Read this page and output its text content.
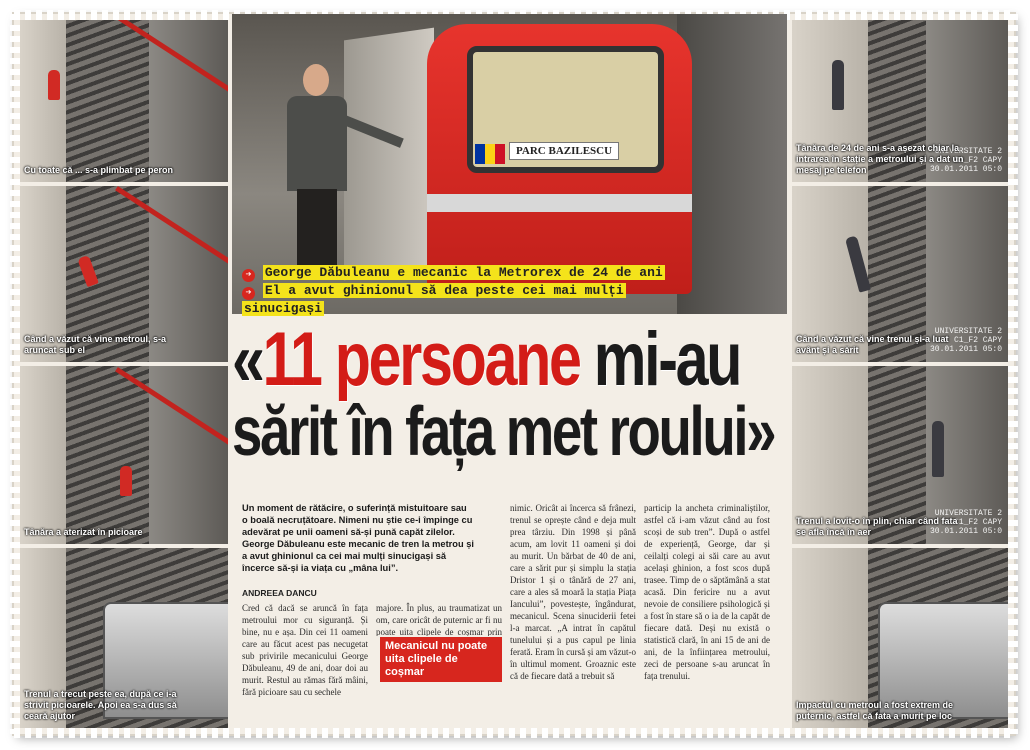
Cu toate că ... s-a plimbat pe peron
Când a văzut că vine metroul, s-a aruncat sub el
Tânăra a aterizat în picioare
Trenul a trecut peste ea, după ce i-a strivit picioarele. Apoi ea s-a dus să ceară ajutor
PARC BAZILESCU
➔ George Dăbuleanu e mecanic la Metrorex de 24 de ani ➔ El a avut ghinionul să dea peste cei mai mulți sinucigași
«11 persoane mi-au
sărit în fața met roului»
Un moment de rătăcire, o suferință mistuitoare sau o boală necruțătoare. Nimeni nu știe ce-i împinge cu adevărat pe unii oameni să-și pună capăt zilelor. George Dăbuleanu este mecanic de tren la metrou și a avut ghinionul ca cei mai mulți sinucigași să încerce să-și ia viața cu „mâna lui”.
ANDREEA DANCU
Cred că dacă se aruncă în fața metroului mor cu siguranță. Și bine, nu e așa. Din cei 11 oameni care au făcut acest pas necugetat sub privirile mecanicului George Dăbuleanu, 49 de ani, doar doi au murit. Restul au rămas fără mâini, fără picioare sau cu sechele
majore. În plus, au traumatizat un om, care oricât de puternic ar fi nu poate uita clipele de coșmar prin
Mecanicul nu poate uita clipele de coșmar
nimic. Oricât ai încerca să frânezi, trenul se oprește când e deja mult prea târziu. Din 1998 și până acum, am lovit 11 oameni și doi au murit. Un bărbat de 40 de ani, care a sărit pur și simplu la stația Dristor 1 și o tânără de 27 ani, care a ales să moară la stația Piața Iancului”, povestește, îngândurat, mecanicul. Scena sinuciderii fetei l-a marcat. „A intrat în capătul tunelului și a pus capul pe linia ferată. Eram în cursă și am văzut-o în ultimul moment. Groaznic este că de fiecare dată a trebuit să
particip la ancheta criminaliștilor, astfel că i-am văzut când au fost scoși de sub tren”. După o astfel de experiență, George, dar și ceilalți colegi ai săi care au avut același ghinion, a fost scos după trasee. Timp de o săptămână a stat acasă. Din fericire nu a avut nevoie de consiliere psihologică și a fost în stare să o ia de la capăt de fiecare dată. Deși nu există o statistică clară, în ani 15 de ani de ani, de la înființarea metroului, zeci de persoane s-au aruncat în fața trenului.
UNIVERSITATE 2
C1_F2 CAPY
30.01.2011 05:0
Tânăra de 24 de ani s-a așezat chiar la intrarea în stație a metroului și a dat un mesaj pe telefon
UNIVERSITATE 2
C1_F2 CAPY
30.01.2011 05:0
Când a văzut că vine trenul și-a luat avânt și a sărit
UNIVERSITATE 2
C1_F2 CAPY
30.01.2011 05:0
Trenul a lovit-o în plin, chiar când fata se afla încă în aer
Impactul cu metroul a fost extrem de puternic, astfel că fata a murit pe loc
